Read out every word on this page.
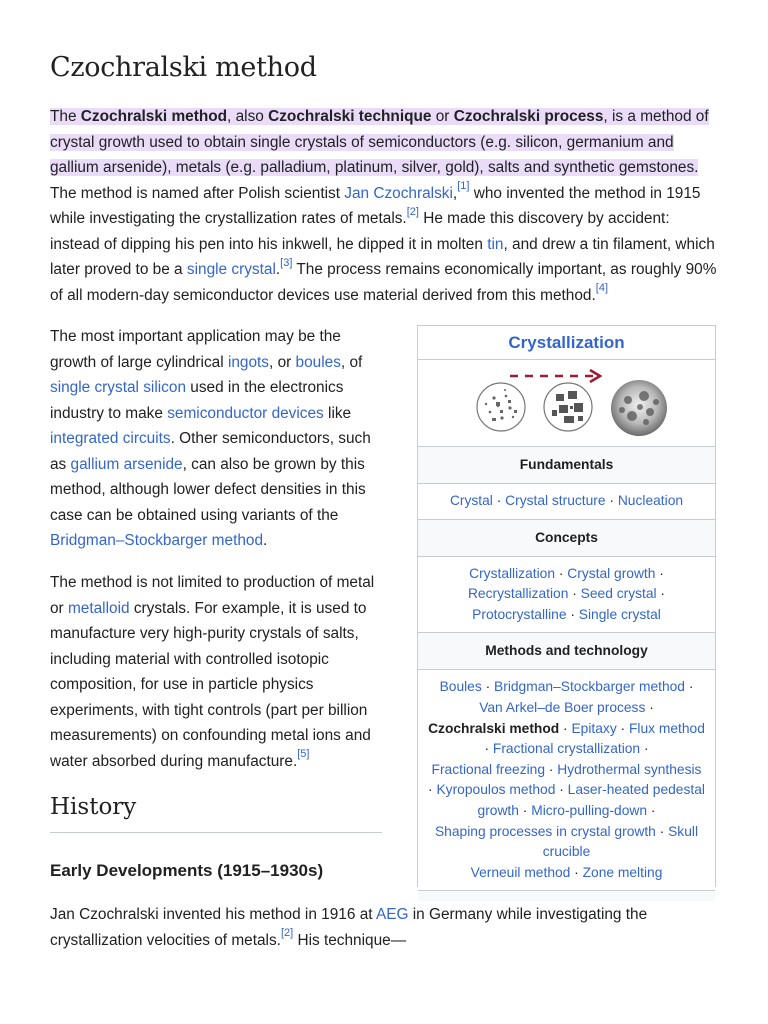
Czochralski method

The Czochralski method, also Czochralski technique or Czochralski process, is a method of crystal growth used to obtain single crystals of semiconductors (e.g. silicon, germanium and gallium arsenide), metals (e.g. palladium, platinum, silver, gold), salts and synthetic gemstones. The method is named after Polish scientist Jan Czochralski,[1] who invented the method in 1915 while investigating the crystallization rates of metals.[2] He made this discovery by accident: instead of dipping his pen into his inkwell, he dipped it in molten tin, and drew a tin filament, which later proved to be a single crystal.[3] The process remains economically important, as roughly 90% of all modern-day semiconductor devices use material derived from this method.[4]

The most important application may be the growth of large cylindrical ingots, or boules, of single crystal silicon used in the electronics industry to make semiconductor devices like integrated circuits. Other semiconductors, such as gallium arsenide, can also be grown by this method, although lower defect densities in this case can be obtained using variants of the Bridgman–Stockbarger method.

The method is not limited to production of metal or metalloid crystals. For example, it is used to manufacture very high-purity crystals of salts, including material with controlled isotopic composition, for use in particle physics experiments, with tight controls (part per billion measurements) on confounding metal ions and water absorbed during manufacture.[5]

History
Early Developments (1915–1930s)

Jan Czochralski invented his method in 1916 at AEG in Germany while investigating the crystallization velocities of metals.[2] His technique—

Crystallization
Fundamentals
Crystal · Crystal structure · Nucleation
Concepts
Crystallization · Crystal growth ·
Recrystallization · Seed crystal ·
Protocrystalline · Single crystal
Methods and technology
Boules · Bridgman–Stockbarger method ·
Van Arkel–de Boer process ·
Czochralski method · Epitaxy · Flux method
· Fractional crystallization ·
Fractional freezing · Hydrothermal synthesis
· Kyropoulos method · Laser-heated pedestal growth · Micro-pulling-down ·
Shaping processes in crystal growth · Skull crucible
Verneuil method · Zone melting
